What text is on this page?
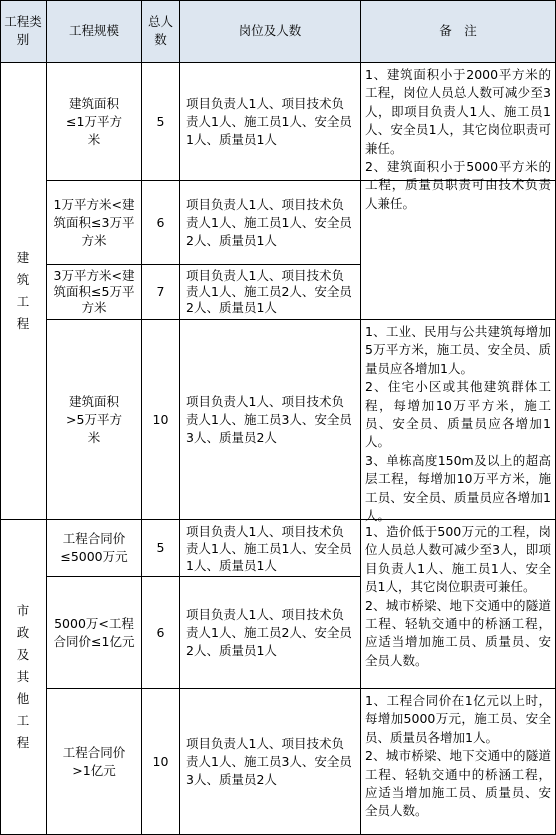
工程类别
工程规模
总人数
岗位及人数	备　注
建
筑
工
程
市
政
及
其
他
工
程
建筑面积≤1万平方米
5
项目负责人1人、项目技术负责人1人、施工员1人、安全员1人、质量员1人
1万平方米<建筑面积≤3万平方米
6
项目负责人1人、项目技术负责人1人、施工员1人、安全员2人、质量员1人
3万平方米<建筑面积≤5万平方米
7
项目负责人1人、项目技术负责人1人、施工员2人、安全员2人、质量员1人
建筑面积>5万平方米
10
项目负责人1人、项目技术负责人1人、施工员3人、安全员3人、质量员2人
工程合同价≤5000万元
5
项目负责人1人、项目技术负责人1人、施工员1人、安全员1人、质量员1人
5000万<工程合同价≤1亿元
6
项目负责人1人、项目技术负责人1人、施工员2人、安全员2人、质量员1人
工程合同价>1亿元
10
项目负责人1人、项目技术负责人1人、施工员3人、安全员3人、质量员2人
1、建筑面积小于2000平方米的工程，岗位人员总人数可减少至3人，即项目负责人1人、施工员1人、安全员1人，其它岗位职责可兼任。
2、建筑面积小于5000平方米的工程，质量员职责可由技术负责人兼任。
1、工业、民用与公共建筑每增加5万平方米，施工员、安全员、质量员应各增加1人。
2、住宅小区或其他建筑群体工程，每增加10万平方米，施工员、安全员、质量员应各增加1人。
3、单栋高度150m及以上的超高层工程，每增加10万平方米，施工员、安全员、质量员应各增加1人。
1、造价低于500万元的工程，岗位人员总人数可减少至3人，即项目负责人1人、施工员1人、安全员1人，其它岗位职责可兼任。
2、城市桥梁、地下交通中的隧道工程、轻轨交通中的桥涵工程，应适当增加施工员、质量员、安全员人数。
1、工程合同价在1亿元以上时，每增加5000万元，施工员、安全员、质量员各增加1人。
2、城市桥梁、地下交通中的隧道工程、轻轨交通中的桥涵工程，应适当增加施工员、质量员、安全员人数。
